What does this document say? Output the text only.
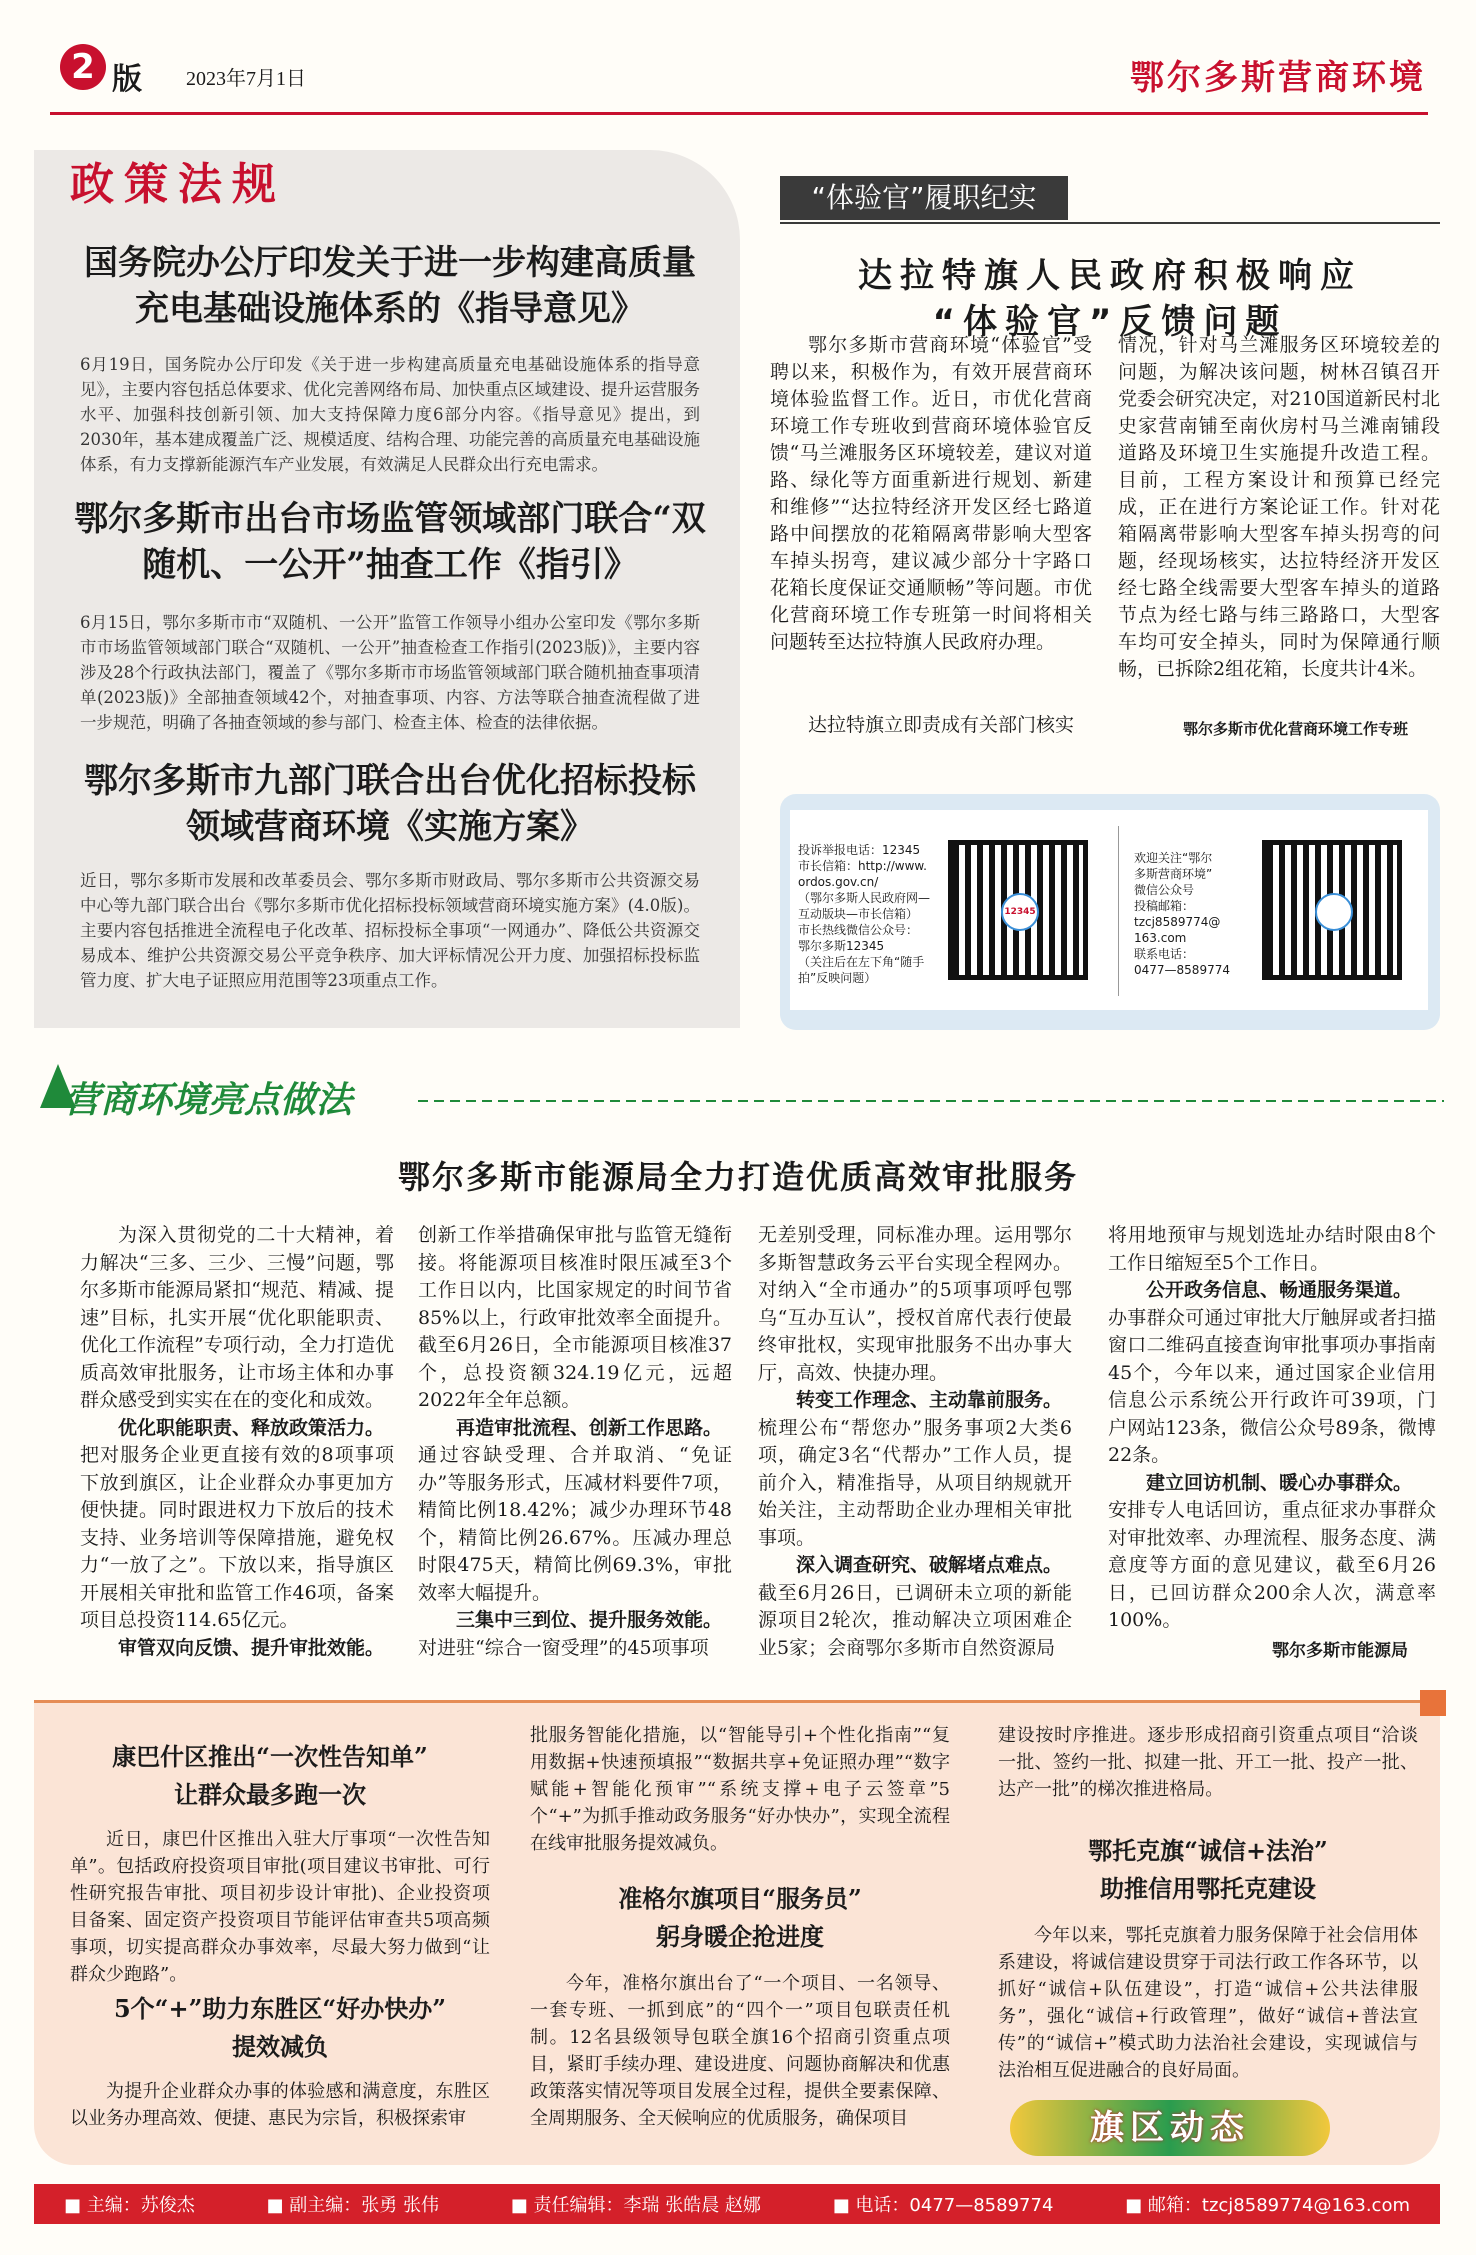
2 版 2023年7月1日	鄂尔多斯营商环境
政策法规
国务院办公厅印发关于进一步构建高质量充电基础设施体系的《指导意见》

6月19日，国务院办公厅印发《关于进一步构建高质量充电基础设施体系的指导意见》，主要内容包括总体要求、优化完善网络布局、加快重点区域建设、提升运营服务水平、加强科技创新引领、加大支持保障力度6部分内容。《指导意见》提出，到2030年，基本建成覆盖广泛、规模适度、结构合理、功能完善的高质量充电基础设施体系，有力支撑新能源汽车产业发展，有效满足人民群众出行充电需求。

鄂尔多斯市出台市场监管领域部门联合“双随机、一公开”抽查工作《指引》

6月15日，鄂尔多斯市市“双随机、一公开”监管工作领导小组办公室印发《鄂尔多斯市市场监管领域部门联合“双随机、一公开”抽查检查工作指引(2023版)》，主要内容涉及28个行政执法部门，覆盖了《鄂尔多斯市市场监管领域部门联合随机抽查事项清单(2023版)》全部抽查领域42个，对抽查事项、内容、方法等联合抽查流程做了进一步规范，明确了各抽查领域的参与部门、检查主体、检查的法律依据。

鄂尔多斯市九部门联合出台优化招标投标领域营商环境《实施方案》

近日，鄂尔多斯市发展和改革委员会、鄂尔多斯市财政局、鄂尔多斯市公共资源交易中心等九部门联合出台《鄂尔多斯市优化招标投标领域营商环境实施方案》(4.0版)。主要内容包括推进全流程电子化改革、招标投标全事项“一网通办”、降低公共资源交易成本、维护公共资源交易公平竞争秩序、加大评标情况公开力度、加强招标投标监管力度、扩大电子证照应用范围等23项重点工作。

“体验官”履职纪实
达拉特旗人民政府积极响应
“体验官”反馈问题

鄂尔多斯市营商环境“体验官”受聘以来，积极作为，有效开展营商环境体验监督工作。近日，市优化营商环境工作专班收到营商环境体验官反馈“马兰滩服务区环境较差，建议对道路、绿化等方面重新进行规划、新建和维修”“达拉特经济开发区经七路道路中间摆放的花箱隔离带影响大型客车掉头拐弯，建议减少部分十字路口花箱长度保证交通顺畅”等问题。市优化营商环境工作专班第一时间将相关问题转至达拉特旗人民政府办理。

达拉特旗立即责成有关部门核实

情况，针对马兰滩服务区环境较差的问题，为解决该问题，树林召镇召开党委会研究决定，对210国道新民村北史家营南铺至南伙房村马兰滩南铺段道路及环境卫生实施提升改造工程。目前，工程方案设计和预算已经完成，正在进行方案论证工作。针对花箱隔离带影响大型客车掉头拐弯的问题，经现场核实，达拉特经济开发区经七路全线需要大型客车掉头的道路节点为经七路与纬三路路口，大型客车均可安全掉头，同时为保障通行顺畅，已拆除2组花箱，长度共计4米。

鄂尔多斯市优化营商环境工作专班
投诉举报电话：12345
市长信箱：http://www.
ordos.gov.cn/
（鄂尔多斯人民政府网—
互动版块—市长信箱）
市长热线微信公众号：
鄂尔多斯12345
（关注后在左下角“随手
拍”反映问题）
12345
欢迎关注“鄂尔
多斯营商环境”
微信公众号
投稿邮箱：
tzcj8589774@
163.com
联系电话：
0477—8589774
营商环境亮点做法
鄂尔多斯市能源局全力打造优质高效审批服务

为深入贯彻党的二十大精神，着力解决“三多、三少、三慢”问题，鄂尔多斯市能源局紧扣“规范、精减、提速”目标，扎实开展“优化职能职责、优化工作流程”专项行动，全力打造优质高效审批服务，让市场主体和办事群众感受到实实在在的变化和成效。

优化职能职责、释放政策活力。

把对服务企业更直接有效的8项事项下放到旗区，让企业群众办事更加方便快捷。同时跟进权力下放后的技术支持、业务培训等保障措施，避免权力“一放了之”。下放以来，指导旗区开展相关审批和监管工作46项，备案项目总投资114.65亿元。

审管双向反馈、提升审批效能。

创新工作举措确保审批与监管无缝衔接。将能源项目核准时限压减至3个工作日以内，比国家规定的时间节省85%以上，行政审批效率全面提升。截至6月26日，全市能源项目核准37个，总投资额324.19亿元，远超2022年全年总额。

再造审批流程、创新工作思路。

通过容缺受理、合并取消、“免证办”等服务形式，压减材料要件7项，精简比例18.42%；减少办理环节48个，精简比例26.67%。压减办理总时限475天，精简比例69.3%，审批效率大幅提升。

三集中三到位、提升服务效能。

对进驻“综合一窗受理”的45项事项

无差别受理，同标准办理。运用鄂尔多斯智慧政务云平台实现全程网办。对纳入“全市通办”的5项事项呼包鄂乌“互办互认”，授权首席代表行使最终审批权，实现审批服务不出办事大厅，高效、快捷办理。

转变工作理念、主动靠前服务。

梳理公布“帮您办”服务事项2大类6项，确定3名“代帮办”工作人员，提前介入，精准指导，从项目纳规就开始关注，主动帮助企业办理相关审批事项。

深入调查研究、破解堵点难点。

截至6月26日，已调研未立项的新能源项目2轮次，推动解决立项困难企业5家；会商鄂尔多斯市自然资源局

将用地预审与规划选址办结时限由8个工作日缩短至5个工作日。

公开政务信息、畅通服务渠道。

办事群众可通过审批大厅触屏或者扫描窗口二维码直接查询审批事项办事指南45个，今年以来，通过国家企业信用信息公示系统公开行政许可39项，门户网站123条，微信公众号89条，微博22条。

建立回访机制、暖心办事群众。

安排专人电话回访，重点征求办事群众对审批效率、办理流程、服务态度、满意度等方面的意见建议，截至6月26日，已回访群众200余人次，满意率100%。

鄂尔多斯市能源局
康巴什区推出“一次性告知单”
让群众最多跑一次

近日，康巴什区推出入驻大厅事项“一次性告知单”。包括政府投资项目审批(项目建议书审批、可行性研究报告审批、项目初步设计审批)、企业投资项目备案、固定资产投资项目节能评估审查共5项高频事项，切实提高群众办事效率，尽最大努力做到“让群众少跑路”。

5个“+”助力东胜区“好办快办”
提效减负

为提升企业群众办事的体验感和满意度，东胜区以业务办理高效、便捷、惠民为宗旨，积极探索审

批服务智能化措施，以“智能导引+个性化指南”“复用数据+快速预填报”“数据共享+免证照办理”“数字赋能+智能化预审”“系统支撑+电子云签章”5个“+”为抓手推动政务服务“好办快办”，实现全流程在线审批服务提效减负。

准格尔旗项目“服务员”
躬身暖企抢进度

今年，准格尔旗出台了“一个项目、一名领导、一套专班、一抓到底”的“四个一”项目包联责任机制。12名县级领导包联全旗16个招商引资重点项目，紧盯手续办理、建设进度、问题协商解决和优惠政策落实情况等项目发展全过程，提供全要素保障、全周期服务、全天候响应的优质服务，确保项目

建设按时序推进。逐步形成招商引资重点项目“洽谈一批、签约一批、拟建一批、开工一批、投产一批、达产一批”的梯次推进格局。

鄂托克旗“诚信+法治”
助推信用鄂托克建设

今年以来，鄂托克旗着力服务保障于社会信用体系建设，将诚信建设贯穿于司法行政工作各环节，以抓好“诚信+队伍建设”，打造“诚信+公共法律服务”，强化“诚信+行政管理”，做好“诚信+普法宣传”的“诚信+”模式助力法治社会建设，实现诚信与法治相互促进融合的良好局面。

旗区动态
■ 主编：苏俊杰	■ 副主编：张勇 张伟	■ 责任编辑：李瑞 张皓晨 赵娜	■ 电话：0477—8589774	■ 邮箱：tzcj8589774@163.com
